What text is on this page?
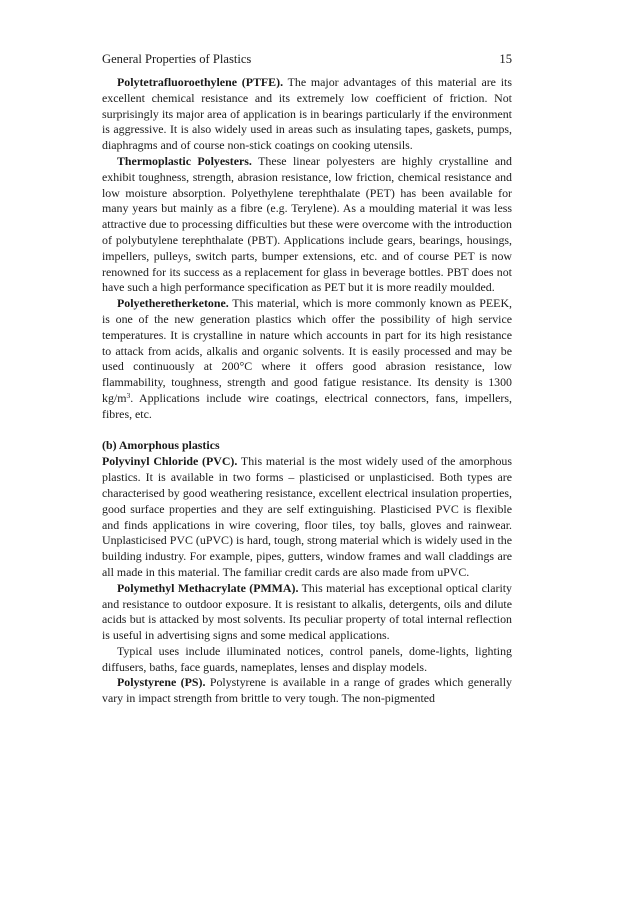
General Properties of Plastics	15

Polytetrafluoroethylene (PTFE). The major advantages of this material are its excellent chemical resistance and its extremely low coefficient of friction. Not surprisingly its major area of application is in bearings particularly if the environment is aggressive. It is also widely used in areas such as insulating tapes, gaskets, pumps, diaphragms and of course non-stick coatings on cooking utensils.

Thermoplastic Polyesters. These linear polyesters are highly crystalline and exhibit toughness, strength, abrasion resistance, low friction, chemical resistance and low moisture absorption. Polyethylene terephthalate (PET) has been available for many years but mainly as a fibre (e.g. Terylene). As a moulding material it was less attractive due to processing difficulties but these were overcome with the introduction of polybutylene terephthalate (PBT). Applications include gears, bearings, housings, impellers, pulleys, switch parts, bumper extensions, etc. and of course PET is now renowned for its success as a replacement for glass in beverage bottles. PBT does not have such a high performance specification as PET but it is more readily moulded.

Polyetheretherketone. This material, which is more commonly known as PEEK, is one of the new generation plastics which offer the possibility of high service temperatures. It is crystalline in nature which accounts in part for its high resistance to attack from acids, alkalis and organic solvents. It is easily processed and may be used continuously at 200°C where it offers good abrasion resistance, low flammability, toughness, strength and good fatigue resistance. Its density is 1300 $kg/m^3$. Applications include wire coatings, electrical connectors, fans, impellers, fibres, etc.

(b) Amorphous plastics

Polyvinyl Chloride (PVC). This material is the most widely used of the amorphous plastics. It is available in two forms – plasticised or unplasticised. Both types are characterised by good weathering resistance, excellent electrical insulation properties, good surface properties and they are self extinguishing. Plasticised PVC is flexible and finds applications in wire covering, floor tiles, toy balls, gloves and rainwear. Unplasticised PVC (uPVC) is hard, tough, strong material which is widely used in the building industry. For example, pipes, gutters, window frames and wall claddings are all made in this material. The familiar credit cards are also made from uPVC.

Polymethyl Methacrylate (PMMA). This material has exceptional optical clarity and resistance to outdoor exposure. It is resistant to alkalis, detergents, oils and dilute acids but is attacked by most solvents. Its peculiar property of total internal reflection is useful in advertising signs and some medical applications.

Typical uses include illuminated notices, control panels, dome-lights, lighting diffusers, baths, face guards, nameplates, lenses and display models.

Polystyrene (PS). Polystyrene is available in a range of grades which generally vary in impact strength from brittle to very tough. The non-pigmented
